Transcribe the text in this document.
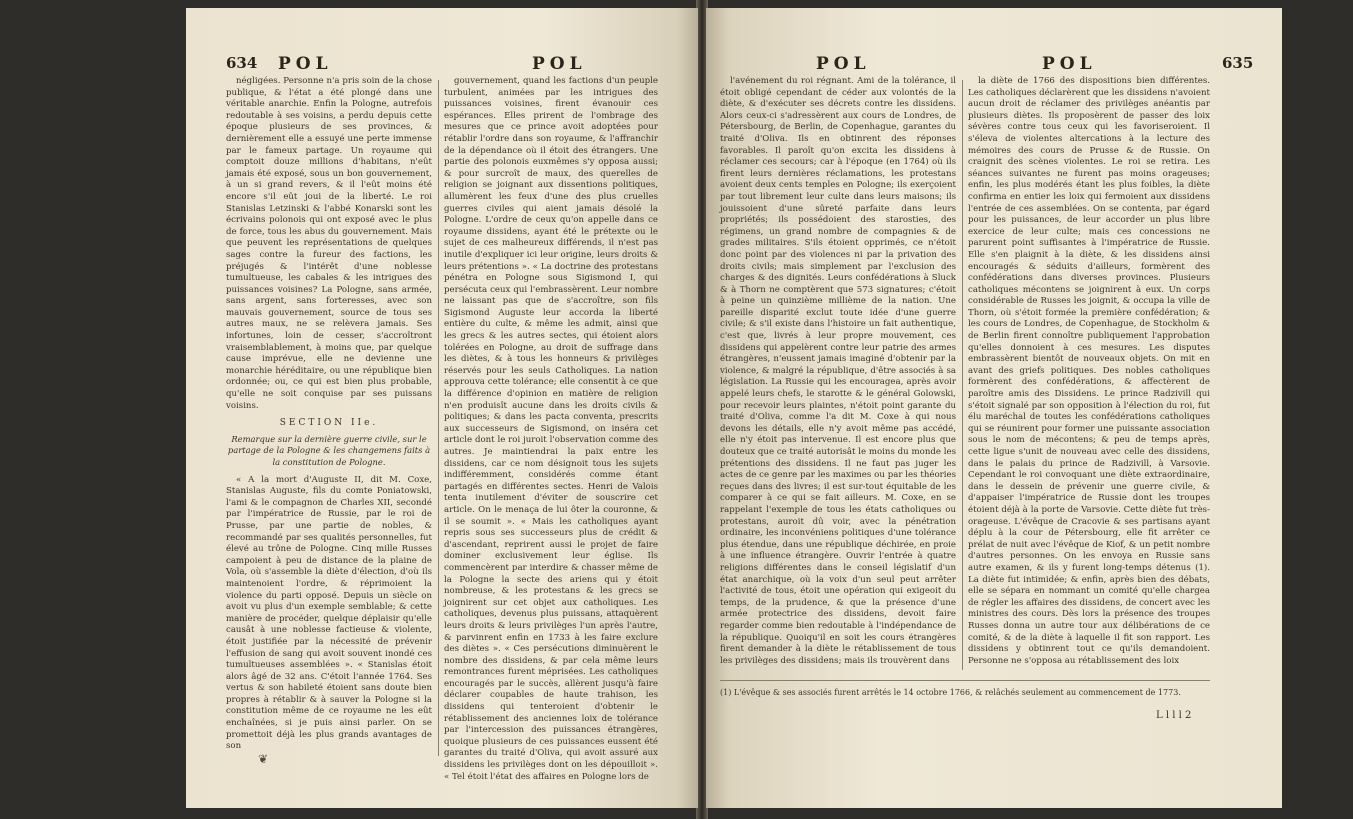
634 POL	POL

négligées. Personne n'a pris soin de la chose publique, & l'état a été plongé dans une véritable anarchie. Enfin la Pologne, autrefois redoutable à ses voisins, a perdu depuis cette époque plusieurs de ses provinces, & dernièrement elle a essuyé une perte immense par le fameux partage. Un royaume qui comptoit douze millions d'habitans, n'eût jamais été exposé, sous un bon gouvernement, à un si grand revers, & il l'eût moins été encore s'il eût joui de la liberté. Le roi Stanislas Letzinski & l'abbé Konarski sont les écrivains polonois qui ont exposé avec le plus de force, tous les abus du gouvernement. Mais que peuvent les représentations de quelques sages contre la fureur des factions, les préjugés & l'intérêt d'une noblesse tumultueuse, les cabales & les intrigues des puissances voisines? La Pologne, sans armée, sans argent, sans forteresses, avec son mauvais gouvernement, source de tous ses autres maux, ne se relèvera jamais. Ses infortunes, loin de cesser, s'accroîtront vraisemblablement, à moins que, par quelque cause imprévue, elle ne devienne une monarchie héréditaire, ou une république bien ordonnée; ou, ce qui est bien plus probable, qu'elle ne soit conquise par ses puissans voisins.

SECTION IIe.
Remarque sur la dernière guerre civile, sur le partage de la Pologne & les changemens faits à la constitution de Pologne.

« A la mort d'Auguste II, dit M. Coxe, Stanislas Auguste, fils du comte Poniatowski, l'ami & le compagnon de Charles XII, secondé par l'impératrice de Russie, par le roi de Prusse, par une partie de nobles, & recommandé par ses qualités personnelles, fut élevé au trône de Pologne. Cinq mille Russes campoient à peu de distance de la plaine de Vola, où s'assemble la diète d'élection, d'où ils maintenoient l'ordre, & réprimoient la violence du parti opposé. Depuis un siècle on avoit vu plus d'un exemple semblable; & cette manière de procéder, quelque déplaisir qu'elle causât à une noblesse factieuse & violente, étoit justifiée par la nécessité de prévenir l'effusion de sang qui avoit souvent inondé ces tumultueuses assemblées ». « Stanislas étoit alors âgé de 32 ans. C'étoit l'année 1764. Ses vertus & son habileté étoient sans doute bien propres à rétablir & à sauver la Pologne si la constitution même de ce royaume ne les eût enchaînées, si je puis ainsi parler. On se promettoit déjà les plus grands avantages de son

gouvernement, quand les factions d'un peuple turbulent, animées par les intrigues des puissances voisines, firent évanouir ces espérances. Elles prirent de l'ombrage des mesures que ce prince avoit adoptées pour rétablir l'ordre dans son royaume, & l'affranchir de la dépendance où il étoit des étrangers. Une partie des polonois euxmêmes s'y opposa aussi; & pour surcroît de maux, des querelles de religion se joignant aux dissentions politiques, allumèrent les feux d'une des plus cruelles guerres civiles qui aient jamais désolé la Pologne. L'ordre de ceux qu'on appelle dans ce royaume dissidens, ayant été le prétexte ou le sujet de ces malheureux différends, il n'est pas inutile d'expliquer ici leur origine, leurs droits & leurs prétentions ». « La doctrine des protestans pénétra en Pologne sous Sigismond I, qui persécuta ceux qui l'embrassèrent. Leur nombre ne laissant pas que de s'accroître, son fils Sigismond Auguste leur accorda la liberté entière du culte, & même les admit, ainsi que les grecs & les autres sectes, qui étoient alors tolérées en Pologne, au droit de suffrage dans les diètes, & à tous les honneurs & privilèges réservés pour les seuls Catholiques. La nation approuva cette tolérance; elle consentit à ce que la différence d'opinion en matière de religion n'en produisît aucune dans les droits civils & politiques; & dans les pacta conventa, prescrits aux successeurs de Sigismond, on inséra cet article dont le roi juroit l'observation comme des autres. Je maintiendrai la paix entre les dissidens, car ce nom désignoit tous les sujets indifféremment, considérés comme étant partagés en différentes sectes. Henri de Valois tenta inutilement d'éviter de souscrire cet article. On le menaça de lui ôter la couronne, & il se soumit ». « Mais les catholiques ayant repris sous ses successeurs plus de crédit & d'ascendant, reprirent aussi le projet de faire dominer exclusivement leur église. Ils commencèrent par interdire & chasser même de la Pologne la secte des ariens qui y étoit nombreuse, & les protestans & les grecs se joignirent sur cet objet aux catholiques. Les catholiques, devenus plus puissans, attaquèrent leurs droits & leurs privilèges l'un après l'autre, & parvinrent enfin en 1733 à les faire exclure des diètes ». « Ces persécutions diminuèrent le nombre des dissidens, & par cela même leurs remontrances furent méprisées. Les catholiques encouragés par le succès, allèrent jusqu'à faire déclarer coupables de haute trahison, les dissidens qui tenteroient d'obtenir le rétablissement des anciennes loix de tolérance par l'intercession des puissances étrangères, quoique plusieurs de ces puissances eussent été garantes du traité d'Oliva, qui avoit assuré aux dissidens les privilèges dont on les dépouilloit ». « Tel étoit l'état des affaires en Pologne lors de

❦
POL	POL	635

l'avénement du roi régnant. Ami de la tolérance, il étoit obligé cependant de céder aux volontés de la diète, & d'exécuter ses décrets contre les dissidens. Alors ceux-ci s'adressèrent aux cours de Londres, de Pétersbourg, de Berlin, de Copenhague, garantes du traité d'Oliva. Ils en obtinrent des réponses favorables. Il paroît qu'on excita les dissidens à réclamer ces secours; car à l'époque (en 1764) où ils firent leurs dernières réclamations, les protestans avoient deux cents temples en Pologne; ils exerçoient par tout librement leur culte dans leurs maisons; ils jouissoient d'une sûreté parfaite dans leurs propriétés; ils possédoient des starosties, des régimens, un grand nombre de compagnies & de grades militaires. S'ils étoient opprimés, ce n'étoit donc point par des violences ni par la privation des droits civils; mais simplement par l'exclusion des charges & des dignités. Leurs confédérations à Sluck & à Thorn ne comptèrent que 573 signatures; c'étoit à peine un quinzième millième de la nation. Une pareille disparité exclut toute idée d'une guerre civile; & s'il existe dans l'histoire un fait authentique, c'est que, livrés à leur propre mouvement, ces dissidens qui appelèrent contre leur patrie des armes étrangères, n'eussent jamais imaginé d'obtenir par la violence, & malgré la république, d'être associés à sa législation. La Russie qui les encouragea, après avoir appelé leurs chefs, le starotte & le général Golowski, pour recevoir leurs plaintes, n'étoit point garante du traité d'Oliva, comme l'a dit M. Coxe à qui nous devons les détails, elle n'y avoit même pas accédé, elle n'y étoit pas intervenue. Il est encore plus que douteux que ce traité autorisât le moins du monde les prétentions des dissidens. Il ne faut pas juger les actes de ce genre par les maximes ou par les théories reçues dans des livres; il est sur-tout équitable de les comparer à ce qui se fait ailleurs. M. Coxe, en se rappelant l'exemple de tous les états catholiques ou protestans, auroit dû voir, avec la pénétration ordinaire, les inconvéniens politiques d'une tolérance plus étendue, dans une république déchirée, en proie à une influence étrangère. Ouvrir l'entrée à quatre religions différentes dans le conseil législatif d'un état anarchique, où la voix d'un seul peut arrêter l'activité de tous, étoit une opération qui exigeoit du temps, de la prudence, & que la présence d'une armée protectrice des dissidens, devoit faire regarder comme bien redoutable à l'indépendance de la république. Quoiqu'il en soit les cours étrangères firent demander à la diète le rétablissement de tous les privilèges des dissidens; mais ils trouvèrent dans

la diète de 1766 des dispositions bien différentes. Les catholiques déclarèrent que les dissidens n'avoient aucun droit de réclamer des privilèges anéantis par plusieurs diètes. Ils proposèrent de passer des loix sévères contre tous ceux qui les favoriseroient. Il s'éleva de violentes altercations à la lecture des mémoires des cours de Prusse & de Russie. On craignit des scènes violentes. Le roi se retira. Les séances suivantes ne furent pas moins orageuses; enfin, les plus modérés étant les plus foibles, la diète confirma en entier les loix qui fermoient aux dissidens l'entrée de ces assemblées. On se contenta, par égard pour les puissances, de leur accorder un plus libre exercice de leur culte; mais ces concessions ne parurent point suffisantes à l'impératrice de Russie. Elle s'en plaignit à la diète, & les dissidens ainsi encouragés & séduits d'ailleurs, formèrent des confédérations dans diverses provinces. Plusieurs catholiques mécontens se joignirent à eux. Un corps considérable de Russes les joignit, & occupa la ville de Thorn, où s'étoit formée la première confédération; & les cours de Londres, de Copenhague, de Stockholm & de Berlin firent connoître publiquement l'approbation qu'elles donnoient à ces mesures. Les disputes embrassèrent bientôt de nouveaux objets. On mit en avant des griefs politiques. Des nobles catholiques formèrent des confédérations, & affectèrent de paroître amis des Dissidens. Le prince Radzivill qui s'étoit signalé par son opposition à l'élection du roi, fut élu maréchal de toutes les confédérations catholiques qui se réunirent pour former une puissante association sous le nom de mécontens; & peu de temps après, cette ligue s'unit de nouveau avec celle des dissidens, dans le palais du prince de Radzivill, à Varsovie. Cependant le roi convoquant une diète extraordinaire, dans le dessein de prévenir une guerre civile, & d'appaiser l'impératrice de Russie dont les troupes étoient déjà à la porte de Varsovie. Cette diète fut très-orageuse. L'évêque de Cracovie & ses partisans ayant déplu à la cour de Pétersbourg, elle fit arrêter ce prélat de nuit avec l'évêque de Kiof, & un petit nombre d'autres personnes. On les envoya en Russie sans autre examen, & ils y furent long-temps détenus (1). La diète fut intimidée; & enfin, après bien des débats, elle se sépara en nommant un comité qu'elle chargea de régler les affaires des dissidens, de concert avec les ministres des cours. Dès lors la présence des troupes Russes donna un autre tour aux délibérations de ce comité, & de la diète à laquelle il fit son rapport. Les dissidens y obtinrent tout ce qu'ils demandoient. Personne ne s'opposa au rétablissement des loix

(1) L'évêque & ses associés furent arrêtés le 14 octobre 1766, & relâchés seulement au commencement de 1773.
L l l l 2
